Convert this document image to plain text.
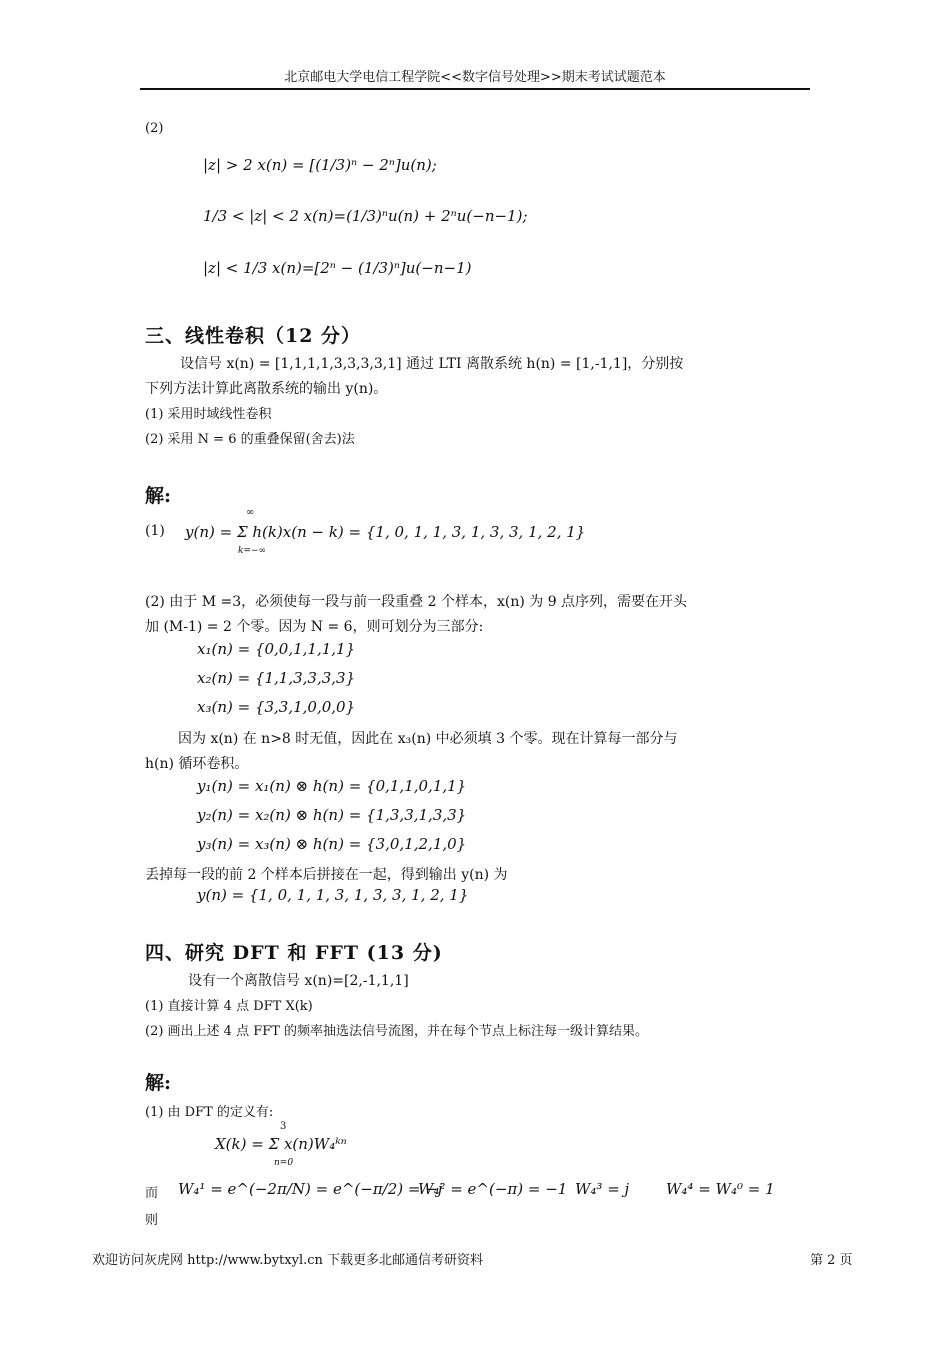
北京邮电大学电信工程学院<<数字信号处理>>期末考试试题范本
(2)
|z| > 2 x(n) = [(1/3)ⁿ − 2ⁿ]u(n);
1/3 < |z| < 2 x(n)=(1/3)ⁿu(n) + 2ⁿu(−n−1);
|z| < 1/3 x(n)=[2ⁿ − (1/3)ⁿ]u(−n−1)
三、线性卷积（12 分）
设信号 x(n) = [1,1,1,1,3,3,3,3,1] 通过 LTI 离散系统 h(n) = [1,-1,1]，分别按
下列方法计算此离散系统的输出 y(n)。
(1) 采用时域线性卷积
(2) 采用 N = 6 的重叠保留(舍去)法
解:
(1)
∞
y(n) = Σ h(k)x(n − k) = {1, 0, 1, 1, 3, 1, 3, 3, 1, 2, 1}
k=−∞
(2) 由于 M =3，必须使每一段与前一段重叠 2 个样本，x(n) 为 9 点序列，需要在开头
加 (M-1) = 2 个零。因为 N = 6，则可划分为三部分:
x₁(n) = {0,0,1,1,1,1}
x₂(n) = {1,1,3,3,3,3}
x₃(n) = {3,3,1,0,0,0}
因为 x(n) 在 n>8 时无值，因此在 x₃(n) 中必须填 3 个零。现在计算每一部分与
h(n) 循环卷积。
y₁(n) = x₁(n) ⊗ h(n) = {0,1,1,0,1,1}
y₂(n) = x₂(n) ⊗ h(n) = {1,3,3,1,3,3}
y₃(n) = x₃(n) ⊗ h(n) = {3,0,1,2,1,0}
丢掉每一段的前 2 个样本后拼接在一起，得到输出 y(n) 为
y(n) = {1, 0, 1, 1, 3, 1, 3, 3, 1, 2, 1}
四、研究 DFT 和 FFT (13 分)
设有一个离散信号 x(n)=[2,-1,1,1]
(1) 直接计算 4 点 DFT X(k)
(2) 画出上述 4 点 FFT 的频率抽选法信号流图，并在每个节点上标注每一级计算结果。
解:
(1) 由 DFT 的定义有:
3
X(k) = Σ x(n)W₄ᵏⁿ
n=0
而 W₄¹ = e^(−2π/N) = e^(−π/2) = −j
W₄² = e^(−π) = −1 W₄³ = j W₄⁴ = W₄⁰ = 1
则
欢迎访问灰虎网 http://www.bytxyl.cn 下载更多北邮通信考研资料	第 2 页
